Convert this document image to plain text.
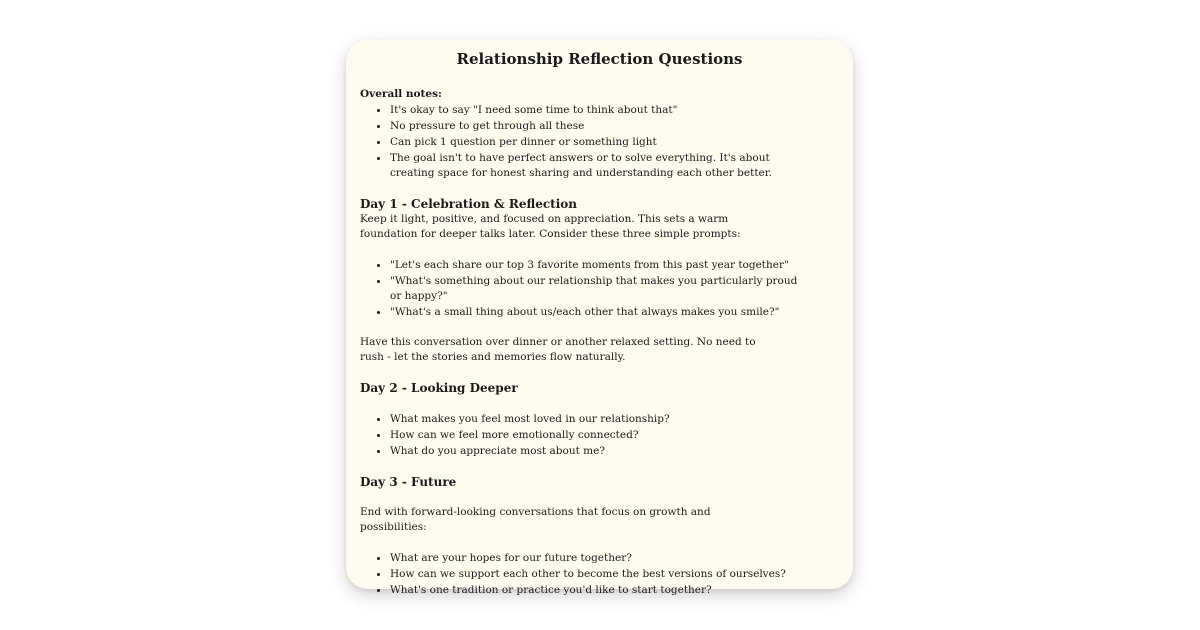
Relationship Reflection Questions
Overall notes:
• It's okay to say "I need some time to think about that"
• No pressure to get through all these
• Can pick 1 question per dinner or something light
• The goal isn't to have perfect answers or to solve everything. It's about creating space for honest sharing and understanding each other better.
Day 1 - Celebration & Reflection

Keep it light, positive, and focused on appreciation. This sets a warm foundation for deeper talks later. Consider these three simple prompts:

• "Let's each share our top 3 favorite moments from this past year together"
• "What's something about our relationship that makes you particularly proud or happy?"
• "What's a small thing about us/each other that always makes you smile?"

Have this conversation over dinner or another relaxed setting. No need to rush - let the stories and memories flow naturally.

Day 2 - Looking Deeper
• What makes you feel most loved in our relationship?
• How can we feel more emotionally connected?
• What do you appreciate most about me?
Day 3 - Future

End with forward-looking conversations that focus on growth and possibilities:

• What are your hopes for our future together?
• How can we support each other to become the best versions of ourselves?
• What's one tradition or practice you'd like to start together?
